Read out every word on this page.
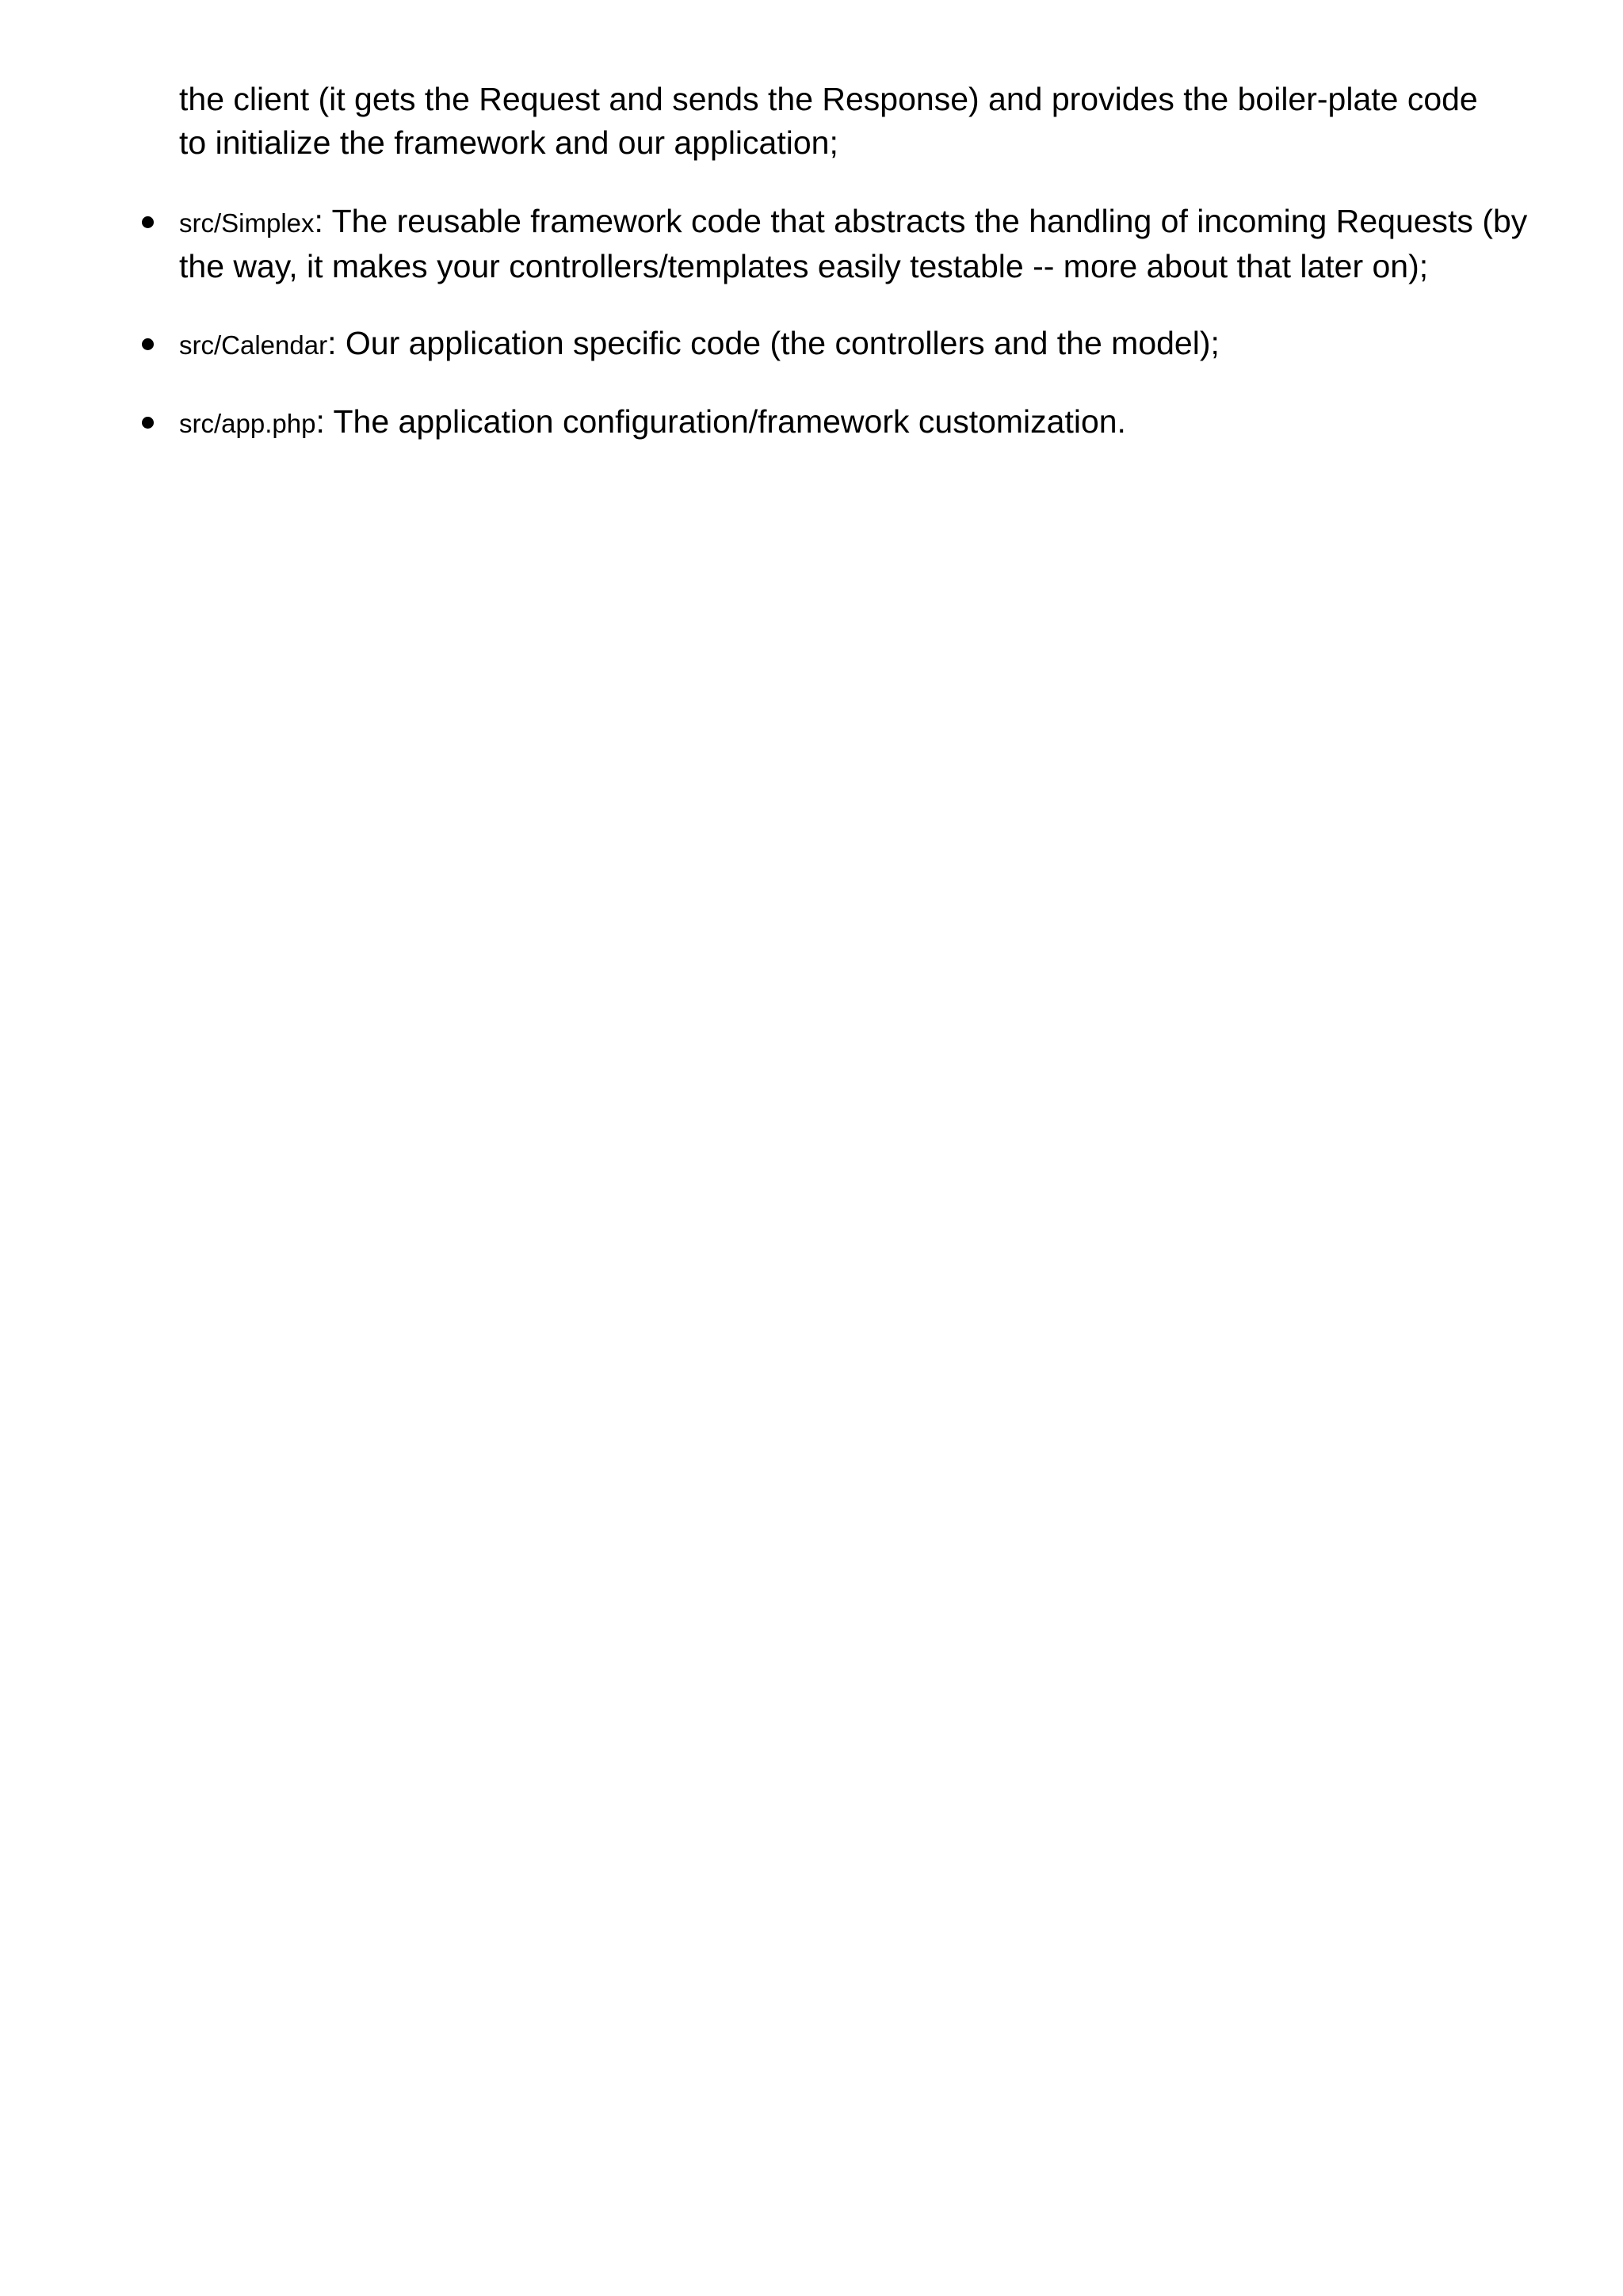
the client (it gets the Request and sends the Response) and provides the boiler-plate code
to initialize the framework and our application;

src/Simplex: The reusable framework code that abstracts the handling of incoming Requests (by the way, it makes your controllers/templates easily testable -- more about that later on);
src/Calendar: Our application specific code (the controllers and the model);
src/app.php: The application configuration/framework customization.
